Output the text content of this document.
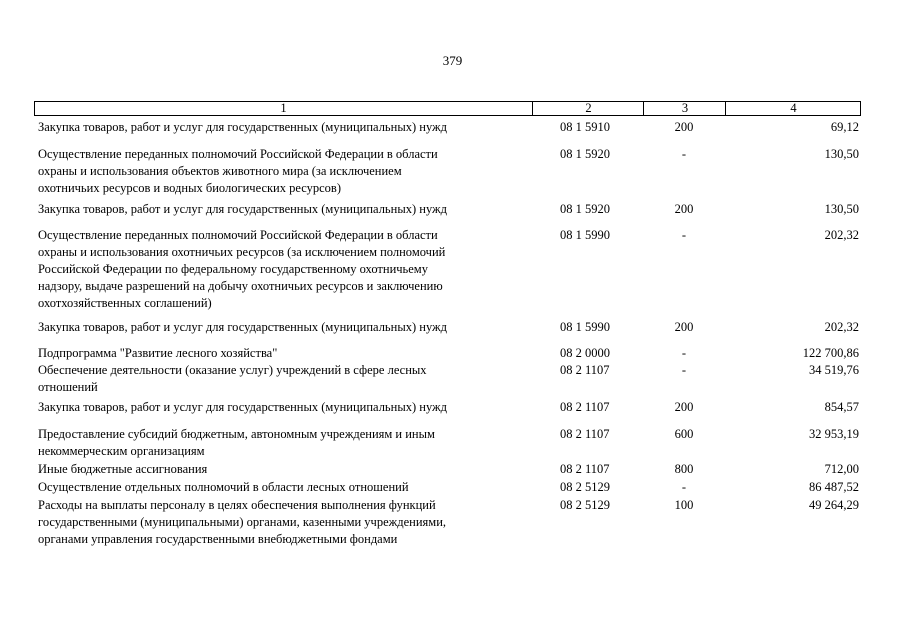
379
1	2	3	4
Закупка товаров, работ и услуг для государственных (муниципальных) нужд	08 1 5910	200	69,12
Осуществление переданных полномочий Российской Федерации в области
охраны и использования объектов животного мира (за исключением
охотничьих ресурсов и водных биологических ресурсов)
08 1 5920	-	130,50
Закупка товаров, работ и услуг для государственных (муниципальных) нужд	08 1 5920	200	130,50
Осуществление переданных полномочий Российской Федерации в области
охраны и использования охотничьих ресурсов (за исключением полномочий
Российской Федерации по федеральному государственному охотничьему
надзору, выдаче разрешений на добычу охотничьих ресурсов и заключению
охотхозяйственных соглашений)
08 1 5990	-	202,32
Закупка товаров, работ и услуг для государственных (муниципальных) нужд	08 1 5990	200	202,32
Подпрограмма "Развитие лесного хозяйства"	08 2 0000	-	122 700,86
Обеспечение деятельности (оказание услуг) учреждений в сфере лесных
отношений
08 2 1107	-	34 519,76
Закупка товаров, работ и услуг для государственных (муниципальных) нужд	08 2 1107	200	854,57
Предоставление субсидий бюджетным, автономным учреждениям и иным
некоммерческим организациям
08 2 1107	600	32 953,19
Иные бюджетные ассигнования	08 2 1107	800	712,00
Осуществление отдельных полномочий в области лесных отношений	08 2 5129	-	86 487,52
Расходы на выплаты персоналу в целях обеспечения выполнения функций
государственными (муниципальными) органами, казенными учреждениями,
органами управления государственными внебюджетными фондами
08 2 5129	100	49 264,29
